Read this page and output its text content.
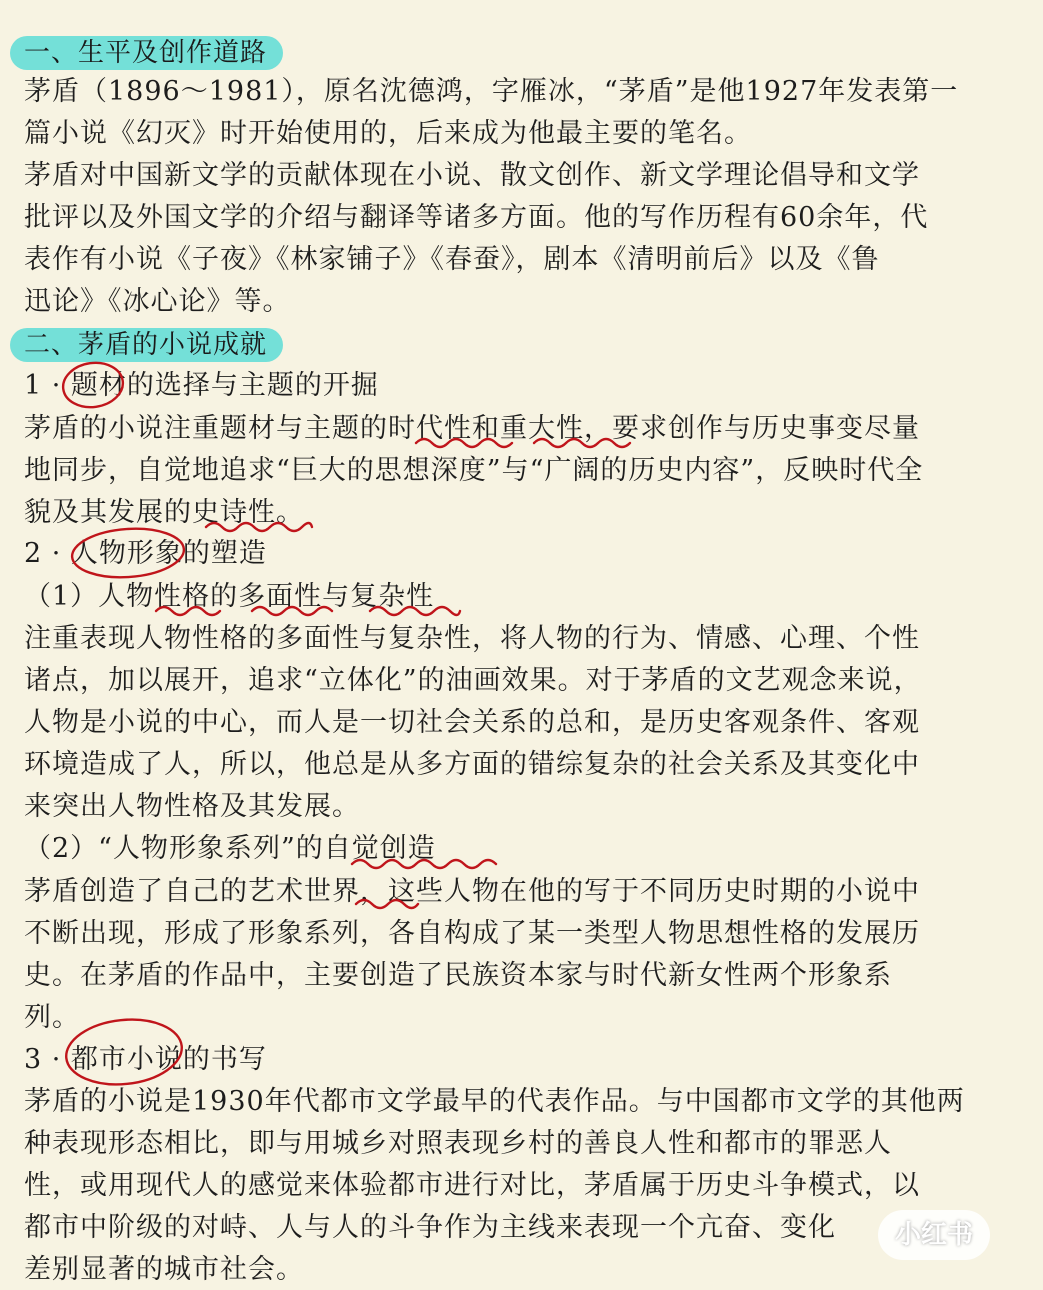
一、生平及创作道路
茅盾（1896～1981），原名沈德鸿，字雁冰，“茅盾”是他1927年发表第一
篇小说《幻灭》时开始使用的，后来成为他最主要的笔名。
茅盾对中国新文学的贡献体现在小说、散文创作、新文学理论倡导和文学
批评以及外国文学的介绍与翻译等诸多方面。他的写作历程有60余年，代
表作有小说《子夜》《林家铺子》《春蚕》，剧本《清明前后》以及《鲁
迅论》《冰心论》等。
二、茅盾的小说成就
1 · 题材的选择与主题的开掘
茅盾的小说注重题材与主题的时代性和重大性，要求创作与历史事变尽量
地同步，自觉地追求“巨大的思想深度”与“广阔的历史内容”，反映时代全
貌及其发展的史诗性。
2 · 人物形象的塑造
（1）人物性格的多面性与复杂性
注重表现人物性格的多面性与复杂性，将人物的行为、情感、心理、个性
诸点，加以展开，追求“立体化”的油画效果。对于茅盾的文艺观念来说，
人物是小说的中心，而人是一切社会关系的总和，是历史客观条件、客观
环境造成了人，所以，他总是从多方面的错综复杂的社会关系及其变化中
来突出人物性格及其发展。
（2）“人物形象系列”的自觉创造
茅盾创造了自己的艺术世界，这些人物在他的写于不同历史时期的小说中
不断出现，形成了形象系列，各自构成了某一类型人物思想性格的发展历
史。在茅盾的作品中，主要创造了民族资本家与时代新女性两个形象系
列。
3 · 都市小说的书写
茅盾的小说是1930年代都市文学最早的代表作品。与中国都市文学的其他两
种表现形态相比，即与用城乡对照表现乡村的善良人性和都市的罪恶人
性，或用现代人的感觉来体验都市进行对比，茅盾属于历史斗争模式，以
都市中阶级的对峙、人与人的斗争作为主线来表现一个亢奋、变化
差别显著的城市社会。
小红书
